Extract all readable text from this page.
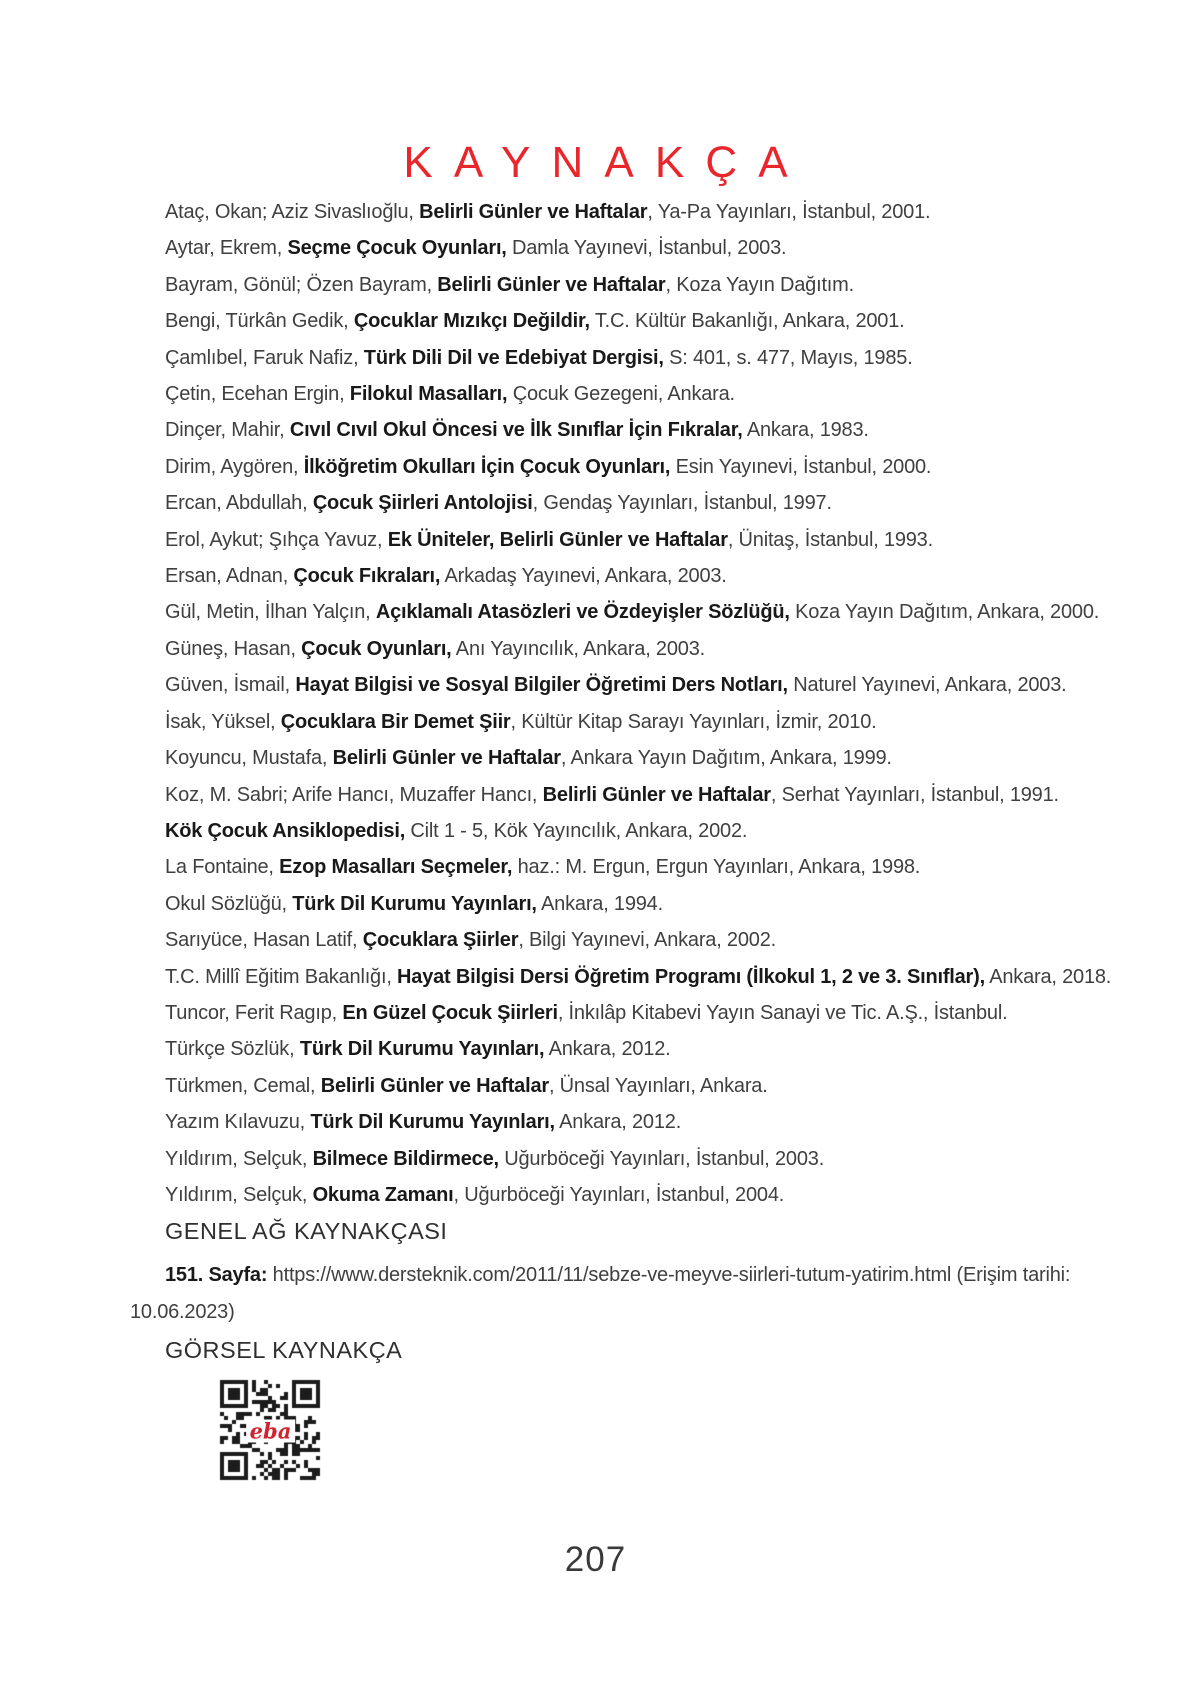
KAYNAKÇA

Ataç, Okan; Aziz Sivaslıoğlu, Belirli Günler ve Haftalar, Ya-Pa Yayınları, İstanbul, 2001.

Aytar, Ekrem, Seçme Çocuk Oyunları, Damla Yayınevi, İstanbul, 2003.

Bayram, Gönül; Özen Bayram, Belirli Günler ve Haftalar, Koza Yayın Dağıtım.

Bengi, Türkân Gedik, Çocuklar Mızıkçı Değildir, T.C. Kültür Bakanlığı, Ankara, 2001.

Çamlıbel, Faruk Nafiz, Türk Dili Dil ve Edebiyat Dergisi, S: 401, s. 477, Mayıs, 1985.

Çetin, Ecehan Ergin, Filokul Masalları, Çocuk Gezegeni, Ankara.

Dinçer, Mahir, Cıvıl Cıvıl Okul Öncesi ve İlk Sınıflar İçin Fıkralar, Ankara, 1983.

Dirim, Aygören, İlköğretim Okulları İçin Çocuk Oyunları, Esin Yayınevi, İstanbul, 2000.

Ercan, Abdullah, Çocuk Şiirleri Antolojisi, Gendaş Yayınları, İstanbul, 1997.

Erol, Aykut; Şıhça Yavuz, Ek Üniteler, Belirli Günler ve Haftalar, Ünitaş, İstanbul, 1993.

Ersan, Adnan, Çocuk Fıkraları, Arkadaş Yayınevi, Ankara, 2003.

Gül, Metin, İlhan Yalçın, Açıklamalı Atasözleri ve Özdeyişler Sözlüğü, Koza Yayın Dağıtım, Ankara, 2000.

Güneş, Hasan, Çocuk Oyunları, Anı Yayıncılık, Ankara, 2003.

Güven, İsmail, Hayat Bilgisi ve Sosyal Bilgiler Öğretimi Ders Notları, Naturel Yayınevi, Ankara, 2003.

İsak, Yüksel, Çocuklara Bir Demet Şiir, Kültür Kitap Sarayı Yayınları, İzmir, 2010.

Koyuncu, Mustafa, Belirli Günler ve Haftalar, Ankara Yayın Dağıtım, Ankara, 1999.

Koz, M. Sabri; Arife Hancı, Muzaffer Hancı, Belirli Günler ve Haftalar, Serhat Yayınları, İstanbul, 1991.

Kök Çocuk Ansiklopedisi, Cilt 1 - 5, Kök Yayıncılık, Ankara, 2002.

La Fontaine, Ezop Masalları Seçmeler, haz.: M. Ergun, Ergun Yayınları, Ankara, 1998.

Okul Sözlüğü, Türk Dil Kurumu Yayınları, Ankara, 1994.

Sarıyüce, Hasan Latif, Çocuklara Şiirler, Bilgi Yayınevi, Ankara, 2002.

T.C. Millî Eğitim Bakanlığı, Hayat Bilgisi Dersi Öğretim Programı (İlkokul 1, 2 ve 3. Sınıflar), Ankara, 2018.

Tuncor, Ferit Ragıp, En Güzel Çocuk Şiirleri, İnkılâp Kitabevi Yayın Sanayi ve Tic. A.Ş., İstanbul.

Türkçe Sözlük, Türk Dil Kurumu Yayınları, Ankara, 2012.

Türkmen, Cemal, Belirli Günler ve Haftalar, Ünsal Yayınları, Ankara.

Yazım Kılavuzu, Türk Dil Kurumu Yayınları, Ankara, 2012.

Yıldırım, Selçuk, Bilmece Bildirmece, Uğurböceği Yayınları, İstanbul, 2003.

Yıldırım, Selçuk, Okuma Zamanı, Uğurböceği Yayınları, İstanbul, 2004.

GENEL AĞ KAYNAKÇASI

151. Sayfa: https://www.dersteknik.com/2011/11/sebze-ve-meyve-siirleri-tutum-yatirim.html (Erişim tarihi: 10.06.2023)

GÖRSEL KAYNAKÇA

eba
207
